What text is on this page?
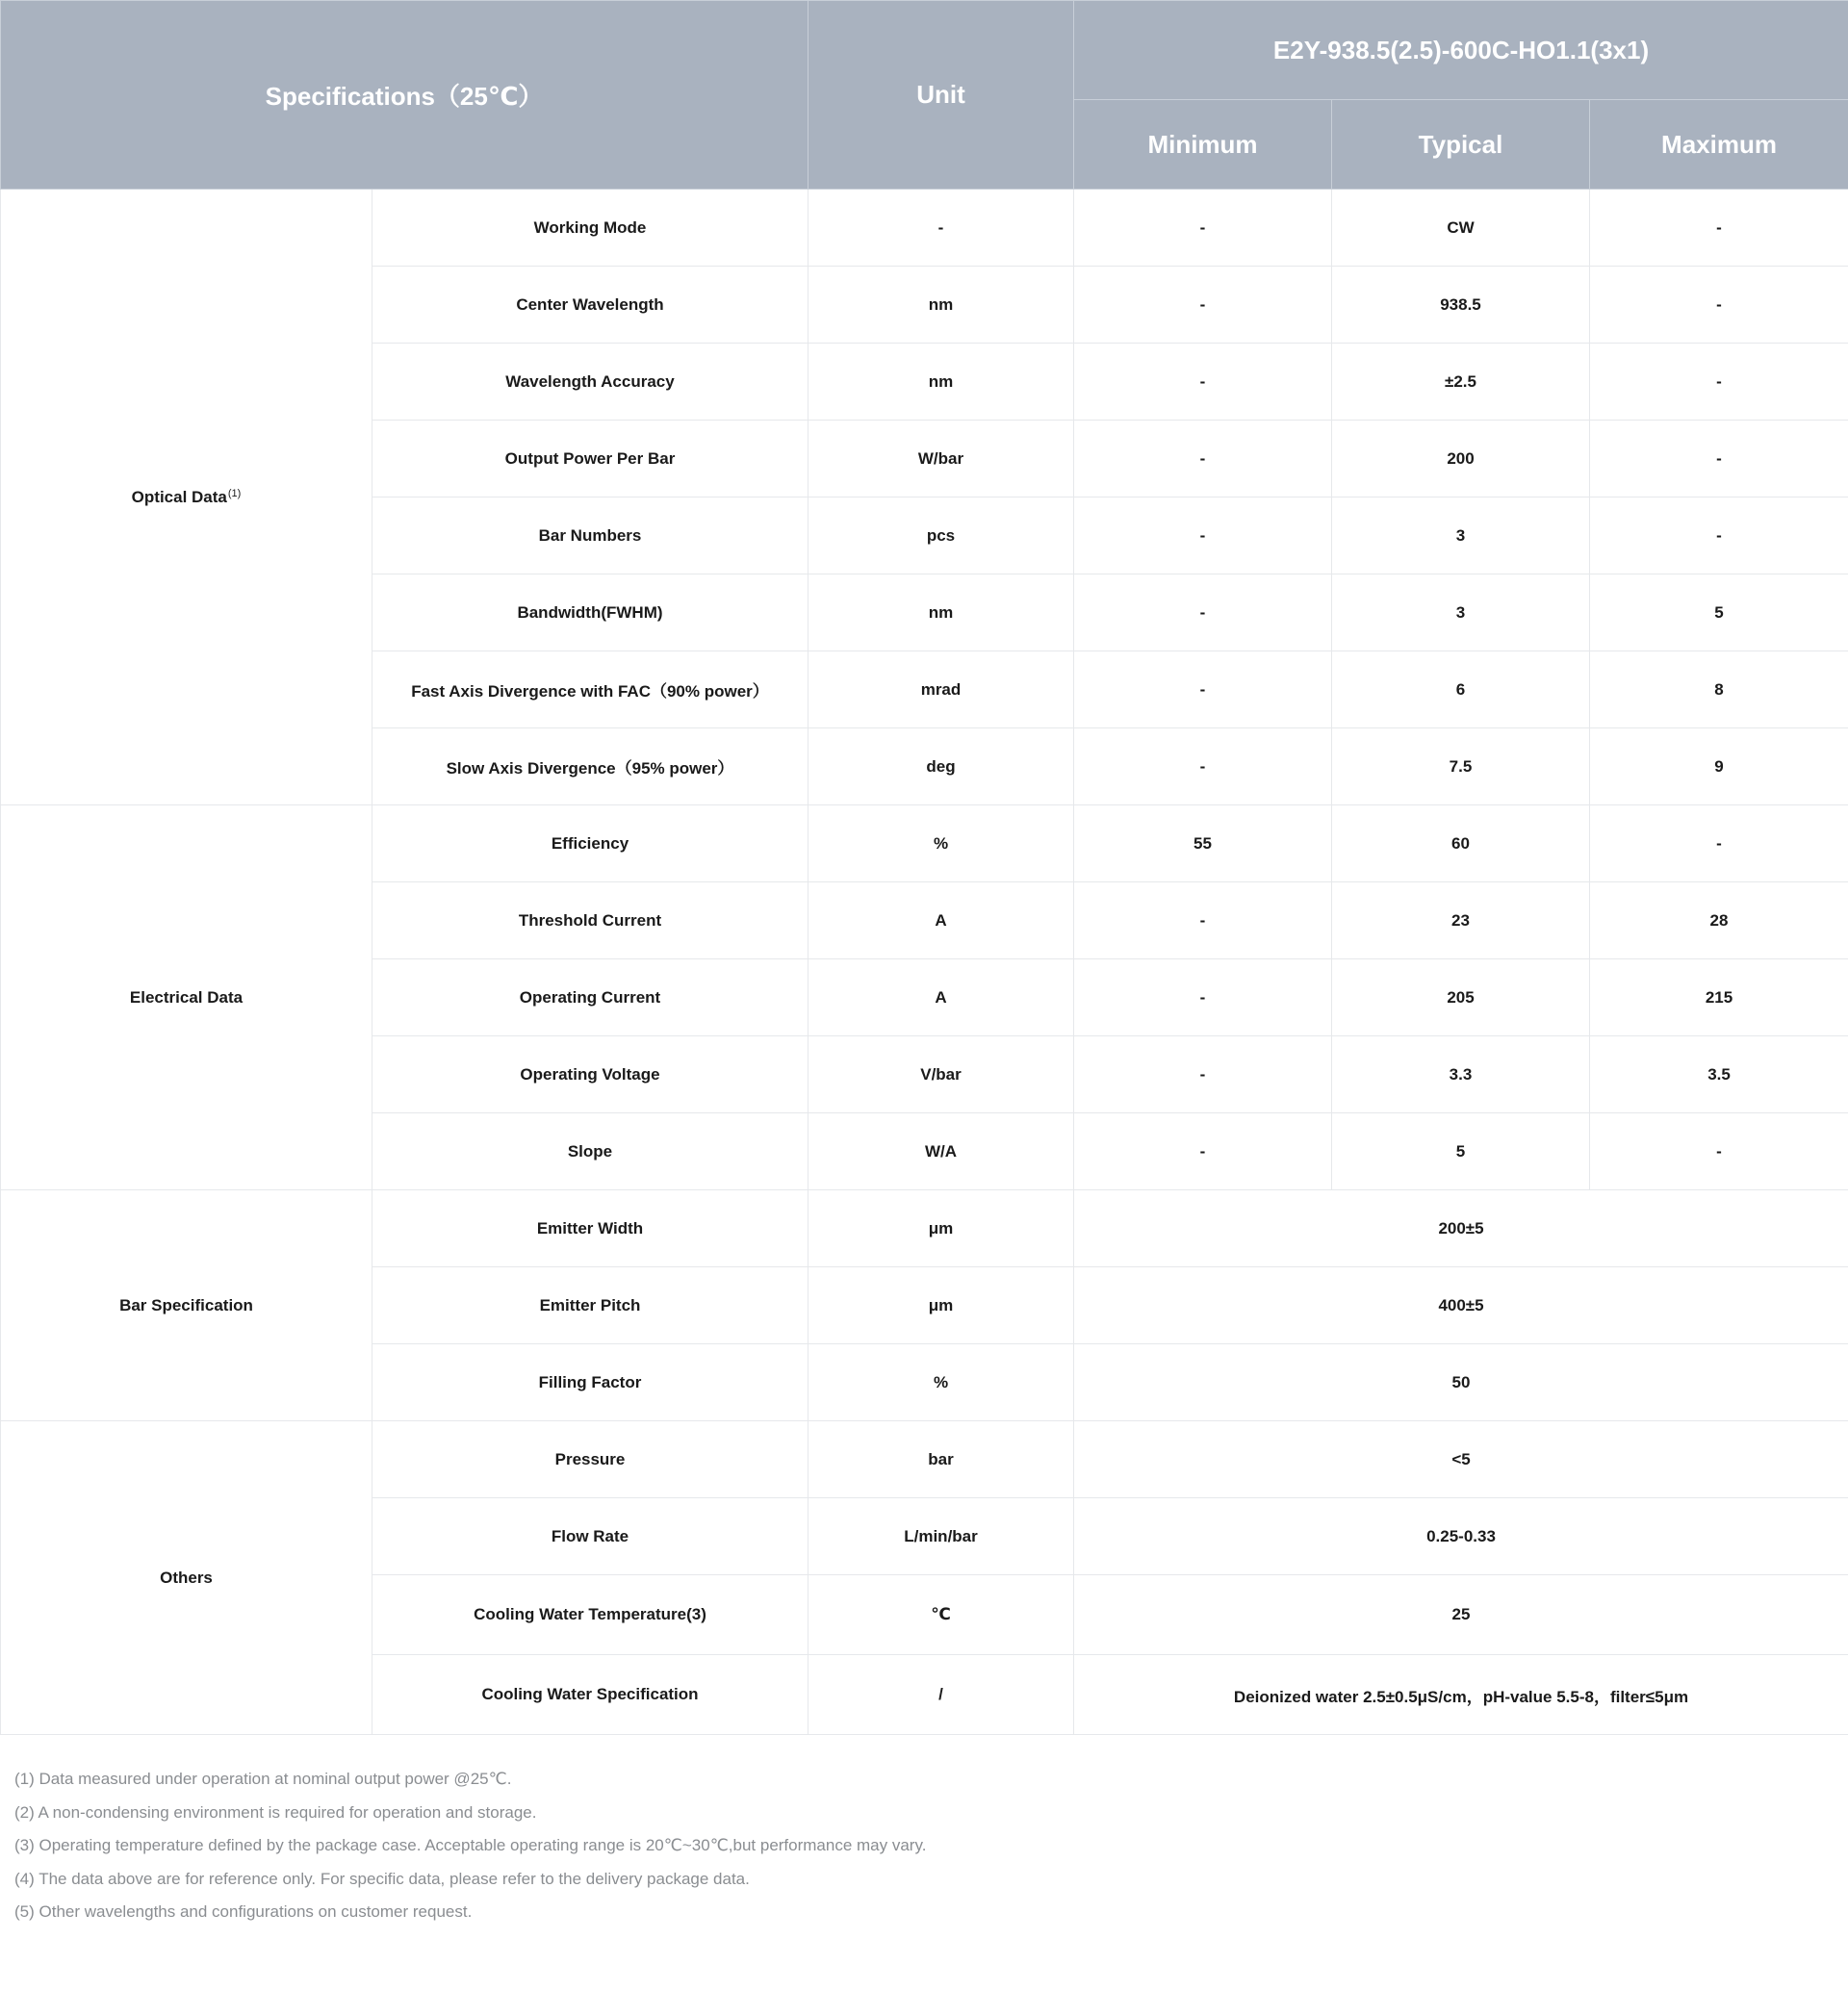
Specifications（25℃）		Unit	E2Y-938.5(2.5)-600C-HO1.1(3x1)		
			Minimum	Typical	Maximum
Optical Data$^{(1)}$	Working Mode	-	-	CW	-
	Center Wavelength	nm	-	938.5	-
	Wavelength Accuracy	nm	-	±2.5	-
	Output Power Per Bar	W/bar	-	200	-
	Bar Numbers	pcs	-	3	-
	Bandwidth(FWHM)	nm	-	3	5
	Fast Axis Divergence with FAC（90% power）	mrad	-	6	8
	Slow Axis Divergence（95% power）	deg	-	7.5	9
Electrical Data	Efficiency	%	55	60	-
	Threshold Current	A	-	23	28
	Operating Current	A	-	205	215
	Operating Voltage	V/bar	-	3.3	3.5
	Slope	W/A	-	5	-
Bar Specification	Emitter Width	μm	200±5		
	Emitter Pitch	μm	400±5		
	Filling Factor	%	50		
Others	Pressure	bar	<5		
	Flow Rate	L/min/bar	0.25-0.33		
	Cooling Water Temperature(3)	℃	25		
	Cooling Water Specification	/	Deionized water 2.5±0.5μS/cm，pH-value 5.5-8，filter≤5μm		
(1) Data measured under operation at nominal output power @25℃.
(2) A non-condensing environment is required for operation and storage.
(3) Operating temperature defined by the package case. Acceptable operating range is 20℃~30℃,but performance may vary.
(4) The data above are for reference only. For specific data, please refer to the delivery package data.
(5) Other wavelengths and configurations on customer request.
